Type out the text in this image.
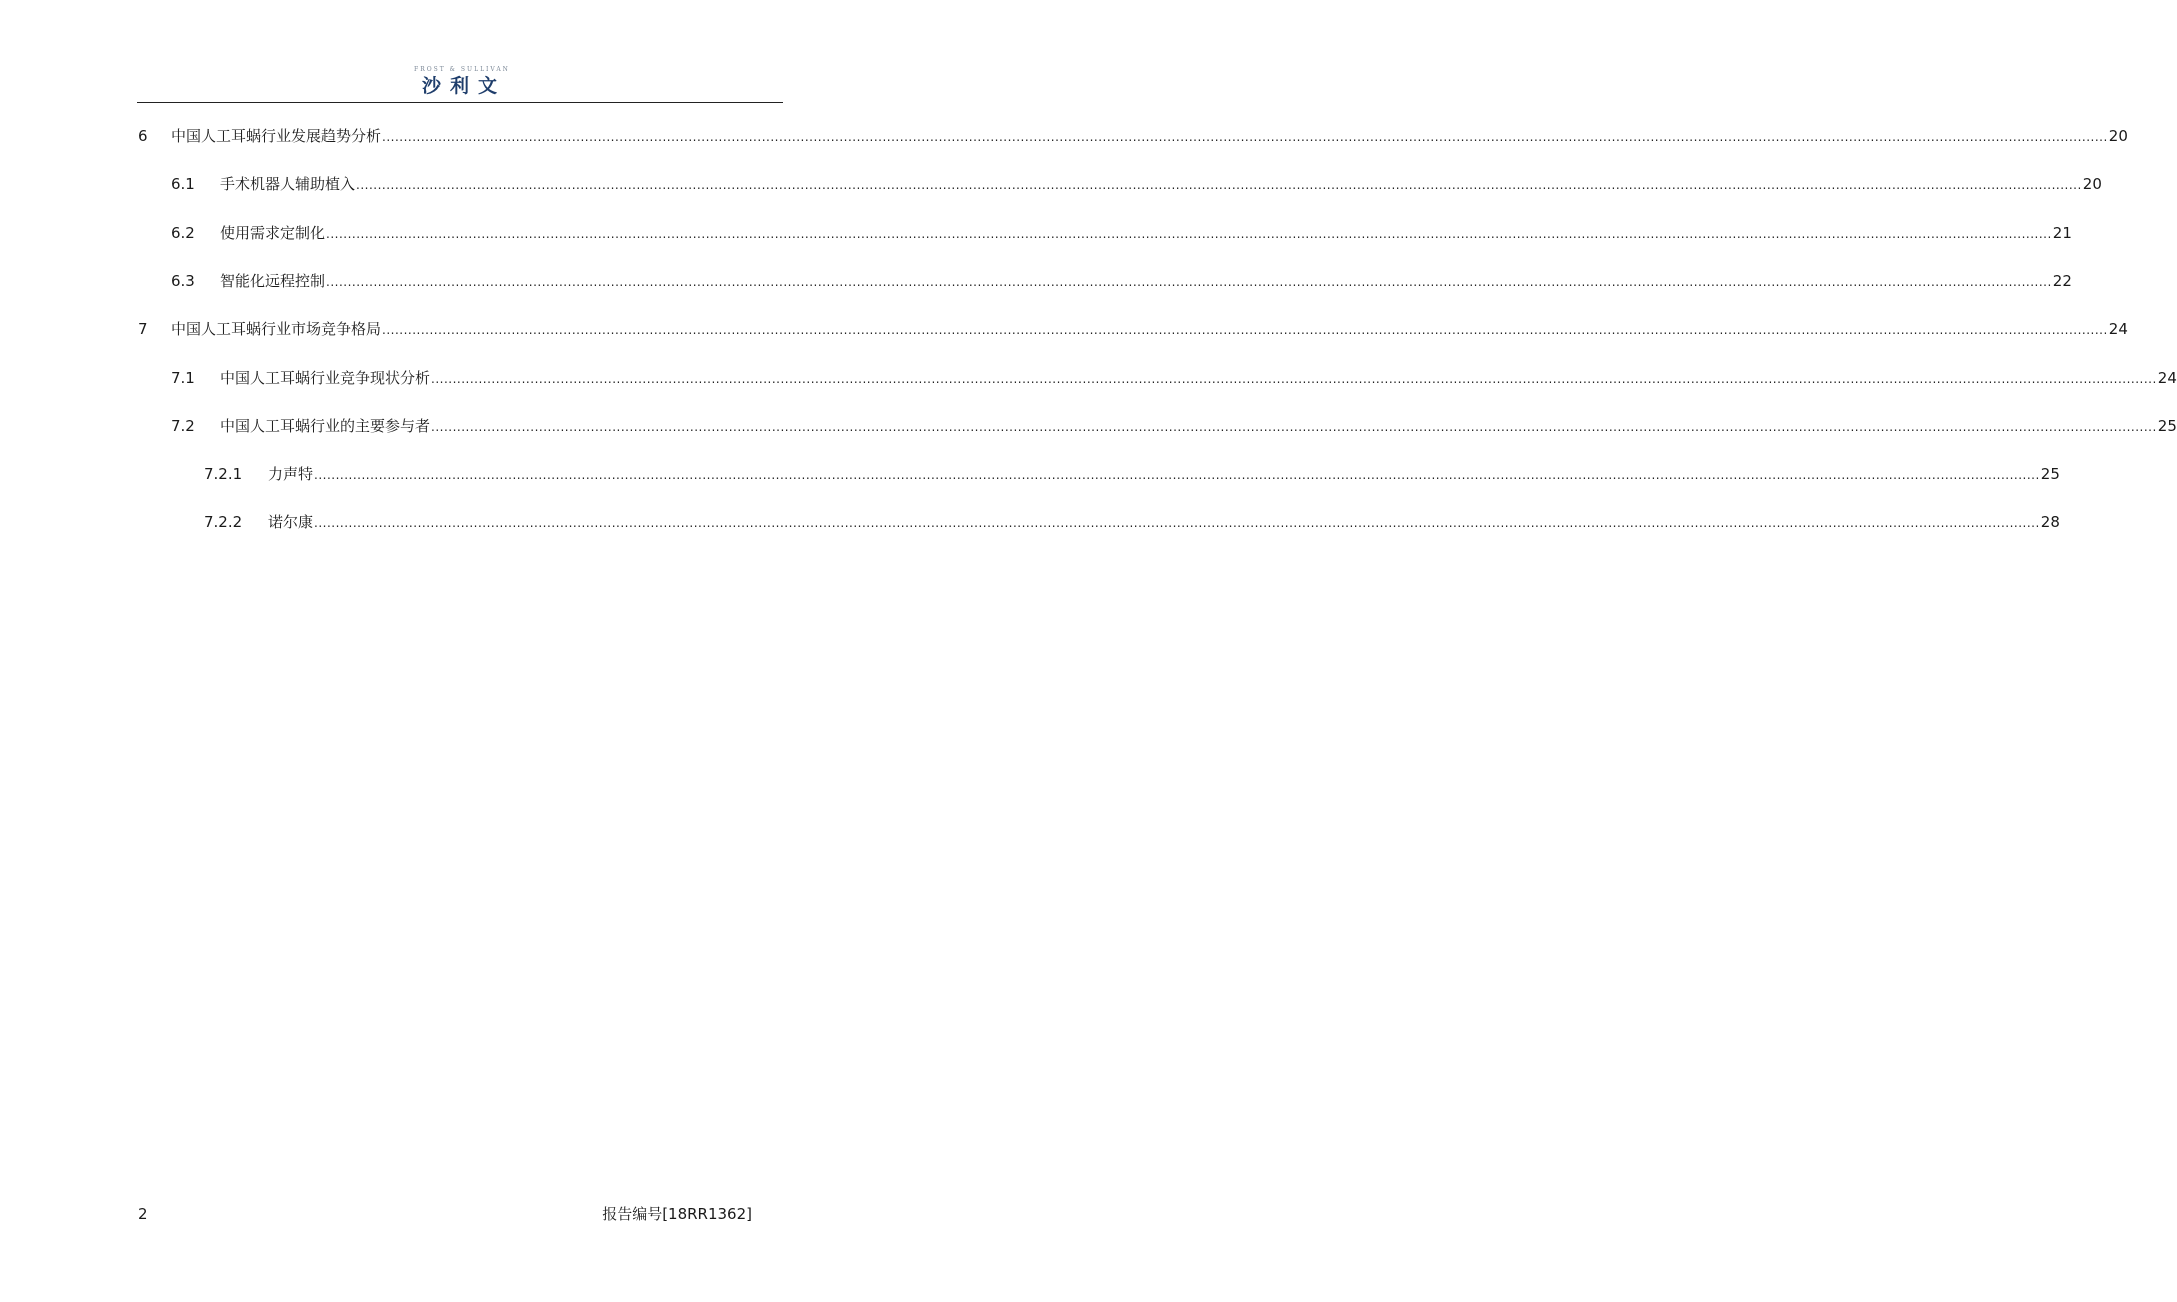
FROST & SULLIVAN
沙利文
6 中国人工耳蜗行业发展趋势分析 ................................................................................................................................................................................................................................................................................................................................................................................................................ 20
6.1 手术机器人辅助植入 ................................................................................................................................................................................................................................................................................................................................................................................................................ 20
6.2 使用需求定制化 ................................................................................................................................................................................................................................................................................................................................................................................................................ 21
6.3 智能化远程控制 ................................................................................................................................................................................................................................................................................................................................................................................................................ 22
7 中国人工耳蜗行业市场竞争格局 ................................................................................................................................................................................................................................................................................................................................................................................................................ 24
7.1 中国人工耳蜗行业竞争现状分析 ................................................................................................................................................................................................................................................................................................................................................................................................................ 24
7.2 中国人工耳蜗行业的主要参与者 ................................................................................................................................................................................................................................................................................................................................................................................................................ 25
7.2.1 力声特 ................................................................................................................................................................................................................................................................................................................................................................................................................ 25
7.2.2 诺尔康 ................................................................................................................................................................................................................................................................................................................................................................................................................ 28
2	报告编号[18RR1362]
